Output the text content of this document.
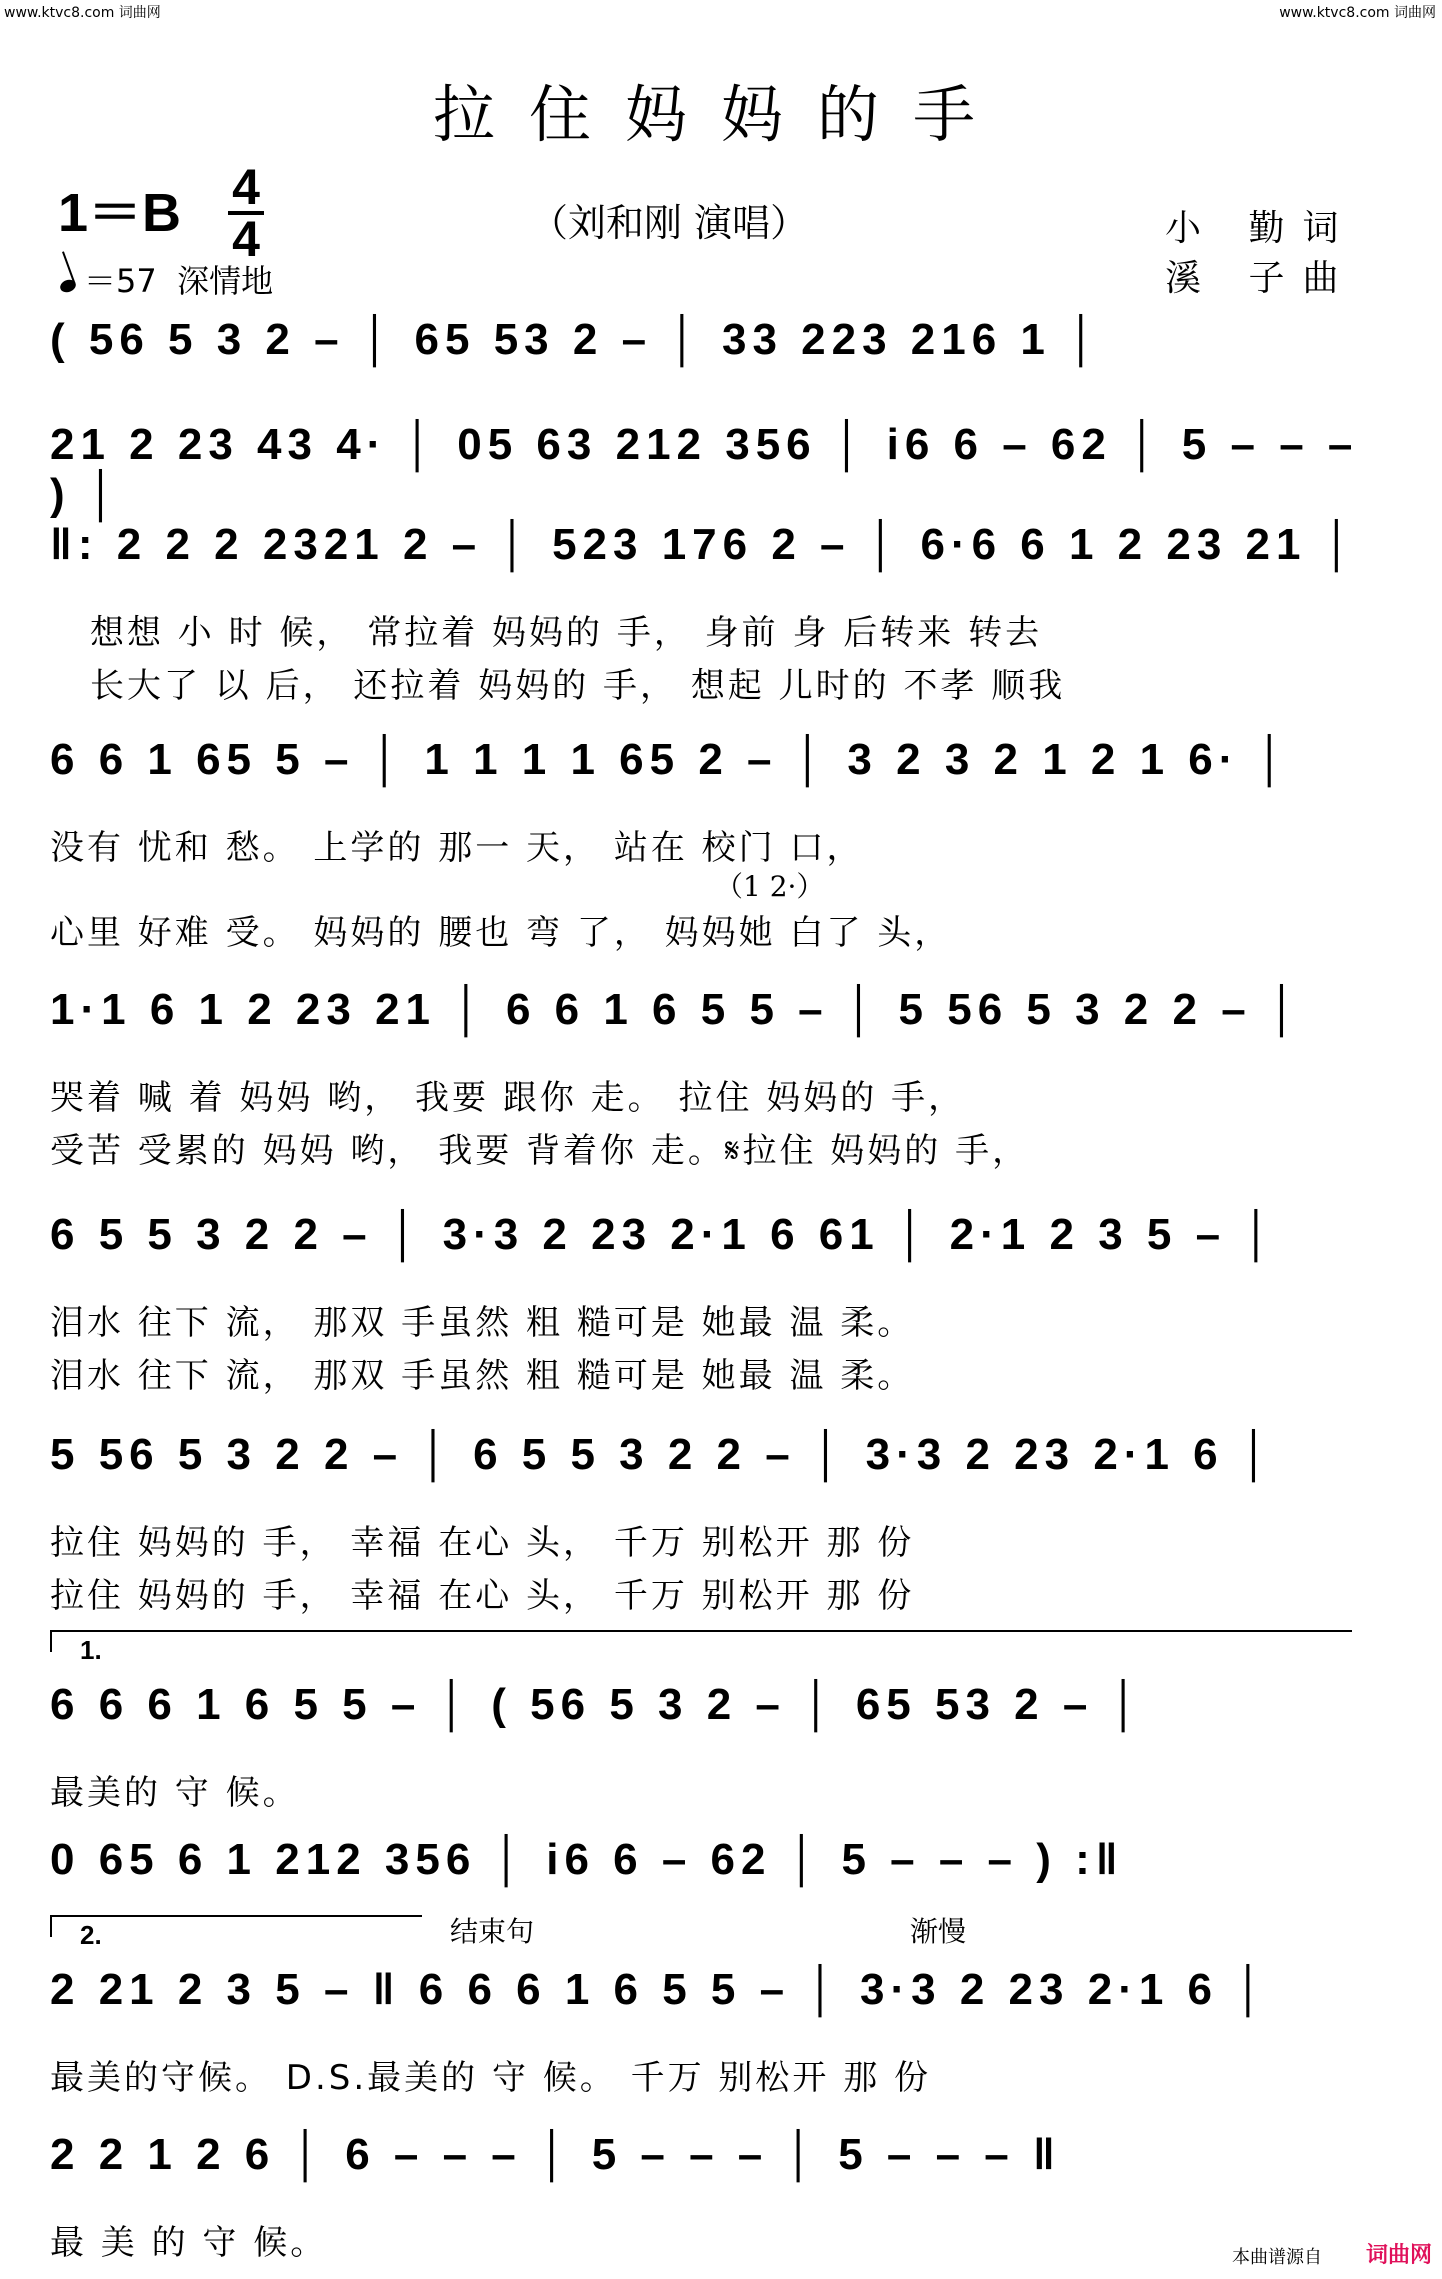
www.ktvc8.com 词曲网	www.ktvc8.com 词曲网
拉住妈妈的手
1＝B 4
4	（刘和刚 演唱）	小 勤词
溪 子曲
＝57 深情地
( 56 5 3 2 – │ 65 53 2 – │ 33 223 216 1 │
21 2 23 43 4· │ 05 63 212 356 │ i6 6 – 62 │ 5 – – – ) │
‖: 2 2 2 2321 2 – │ 523 176 2 – │ 6·6 6 1 2 23 21 │
想想 小 时 候， 常拉着 妈妈的 手， 身前 身 后转来 转去
长大了 以 后， 还拉着 妈妈的 手， 想起 儿时的 不孝 顺我
6 6 1 65 5 – │ 1 1 1 1 65 2 – │ 3 2 3 2 1 2 1 6· │
没有 忧和 愁。 上学的 那一 天， 站在 校门 口，
（1 2·）
心里 好难 受。 妈妈的 腰也 弯 了， 妈妈她 白了 头，
1·1 6 1 2 23 21 │ 6 6 1 6 5 5 – │ 5 56 5 3 2 2 – │
哭着 喊 着 妈妈 哟， 我要 跟你 走。 拉住 妈妈的 手，
受苦 受累的 妈妈 哟， 我要 背着你 走。𝄋拉住 妈妈的 手，
6 5 5 3 2 2 – │ 3·3 2 23 2·1 6 61 │ 2·1 2 3 5 – │
泪水 往下 流， 那双 手虽然 粗 糙可是 她最 温 柔。
泪水 往下 流， 那双 手虽然 粗 糙可是 她最 温 柔。
5 56 5 3 2 2 – │ 6 5 5 3 2 2 – │ 3·3 2 23 2·1 6 │
拉住 妈妈的 手， 幸福 在心 头， 千万 别松开 那 份
拉住 妈妈的 手， 幸福 在心 头， 千万 别松开 那 份
1.
6 6 6 1 6 5 5 – │ ( 56 5 3 2 – │ 65 53 2 – │
最美的 守 候。
0 65 6 1 212 356 │ i6 6 – 62 │ 5 – – – ) :‖
2.	结束句	渐慢
2 21 2 3 5 – ‖ 6 6 6 1 6 5 5 – │ 3·3 2 23 2·1 6 │
最美的守候。 D.S.最美的 守 候。 千万 别松开 那 份
2 2 1 2 6 │ 6 – – – │ 5 – – – │ 5 – – – ‖
最 美 的 守 候。	本曲谱源自 词曲网
